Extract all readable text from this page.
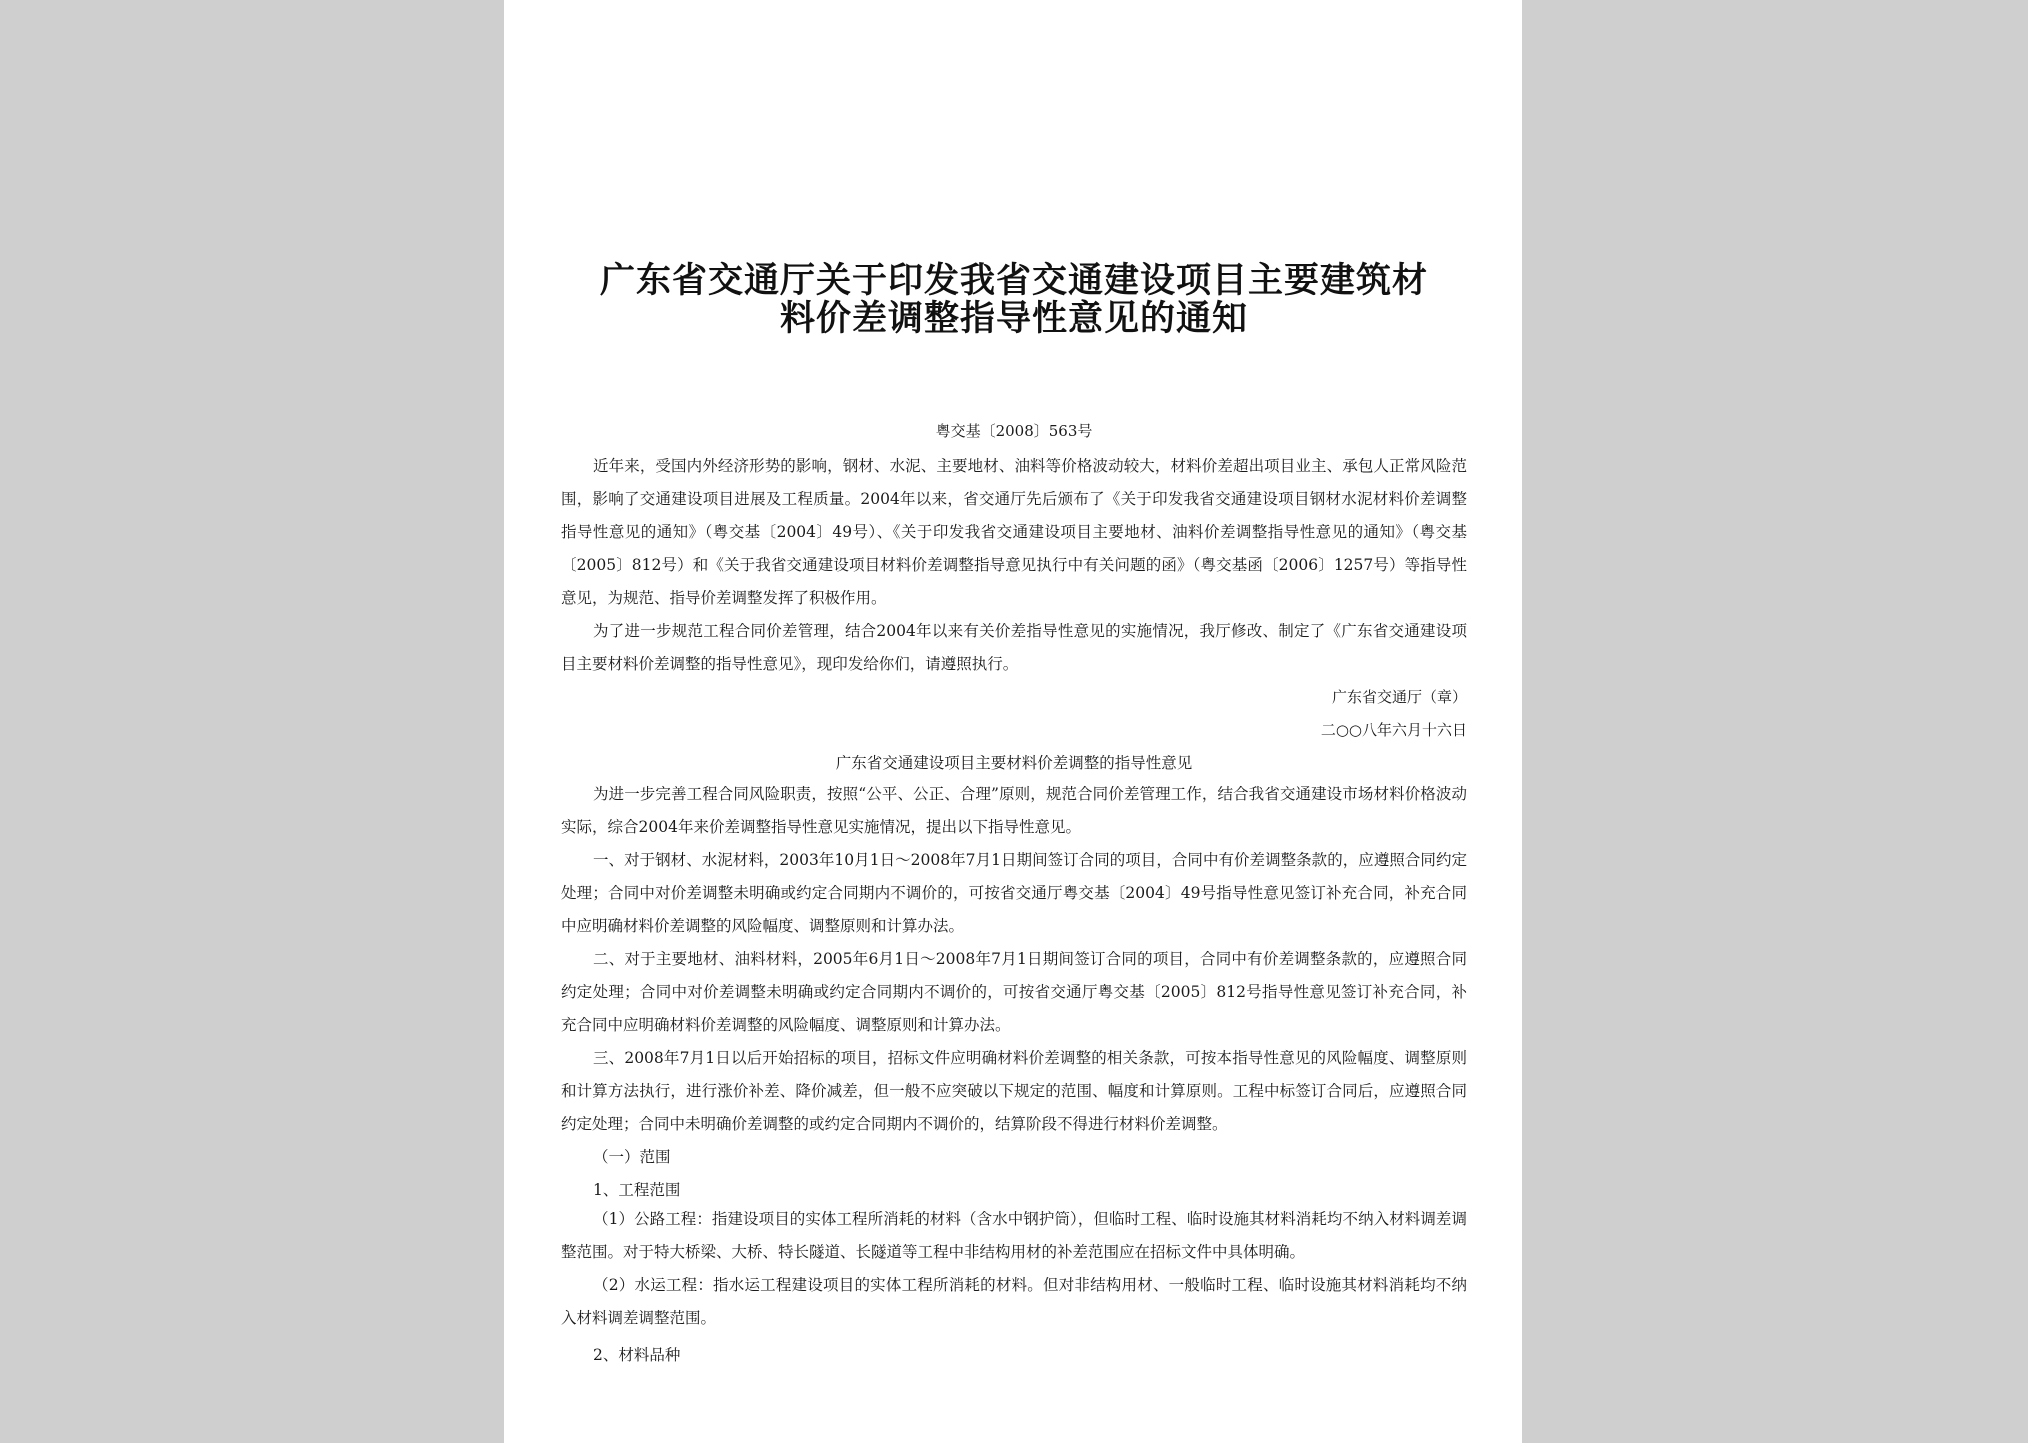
广东省交通厅关于印发我省交通建设项目主要建筑材料价差调整指导性意见的通知
粤交基〔2008〕563号

近年来，受国内外经济形势的影响，钢材、水泥、主要地材、油料等价格波动较大，材料价差超出项目业主、承包人正常风险范围，影响了交通建设项目进展及工程质量。2004年以来，省交通厅先后颁布了《关于印发我省交通建设项目钢材水泥材料价差调整指导性意见的通知》（粤交基〔2004〕49号）、《关于印发我省交通建设项目主要地材、油料价差调整指导性意见的通知》（粤交基〔2005〕812号）和《关于我省交通建设项目材料价差调整指导意见执行中有关问题的函》（粤交基函〔2006〕1257号）等指导性意见，为规范、指导价差调整发挥了积极作用。

为了进一步规范工程合同价差管理，结合2004年以来有关价差指导性意见的实施情况，我厅修改、制定了《广东省交通建设项目主要材料价差调整的指导性意见》，现印发给你们，请遵照执行。

广东省交通厅（章）
二○○八年六月十六日
广东省交通建设项目主要材料价差调整的指导性意见

为进一步完善工程合同风险职责，按照“公平、公正、合理”原则，规范合同价差管理工作，结合我省交通建设市场材料价格波动实际，综合2004年来价差调整指导性意见实施情况，提出以下指导性意见。

一、对于钢材、水泥材料，2003年10月1日～2008年7月1日期间签订合同的项目，合同中有价差调整条款的，应遵照合同约定处理；合同中对价差调整未明确或约定合同期内不调价的，可按省交通厅粤交基〔2004〕49号指导性意见签订补充合同，补充合同中应明确材料价差调整的风险幅度、调整原则和计算办法。

二、对于主要地材、油料材料，2005年6月1日～2008年7月1日期间签订合同的项目，合同中有价差调整条款的，应遵照合同约定处理；合同中对价差调整未明确或约定合同期内不调价的，可按省交通厅粤交基〔2005〕812号指导性意见签订补充合同，补充合同中应明确材料价差调整的风险幅度、调整原则和计算办法。

三、2008年7月1日以后开始招标的项目，招标文件应明确材料价差调整的相关条款，可按本指导性意见的风险幅度、调整原则和计算方法执行，进行涨价补差、降价减差，但一般不应突破以下规定的范围、幅度和计算原则。工程中标签订合同后，应遵照合同约定处理；合同中未明确价差调整的或约定合同期内不调价的，结算阶段不得进行材料价差调整。

（一）范围
1、工程范围

（1）公路工程：指建设项目的实体工程所消耗的材料（含水中钢护筒），但临时工程、临时设施其材料消耗均不纳入材料调差调整范围。对于特大桥梁、大桥、特长隧道、长隧道等工程中非结构用材的补差范围应在招标文件中具体明确。

（2）水运工程：指水运工程建设项目的实体工程所消耗的材料。但对非结构用材、一般临时工程、临时设施其材料消耗均不纳入材料调差调整范围。

2、材料品种
